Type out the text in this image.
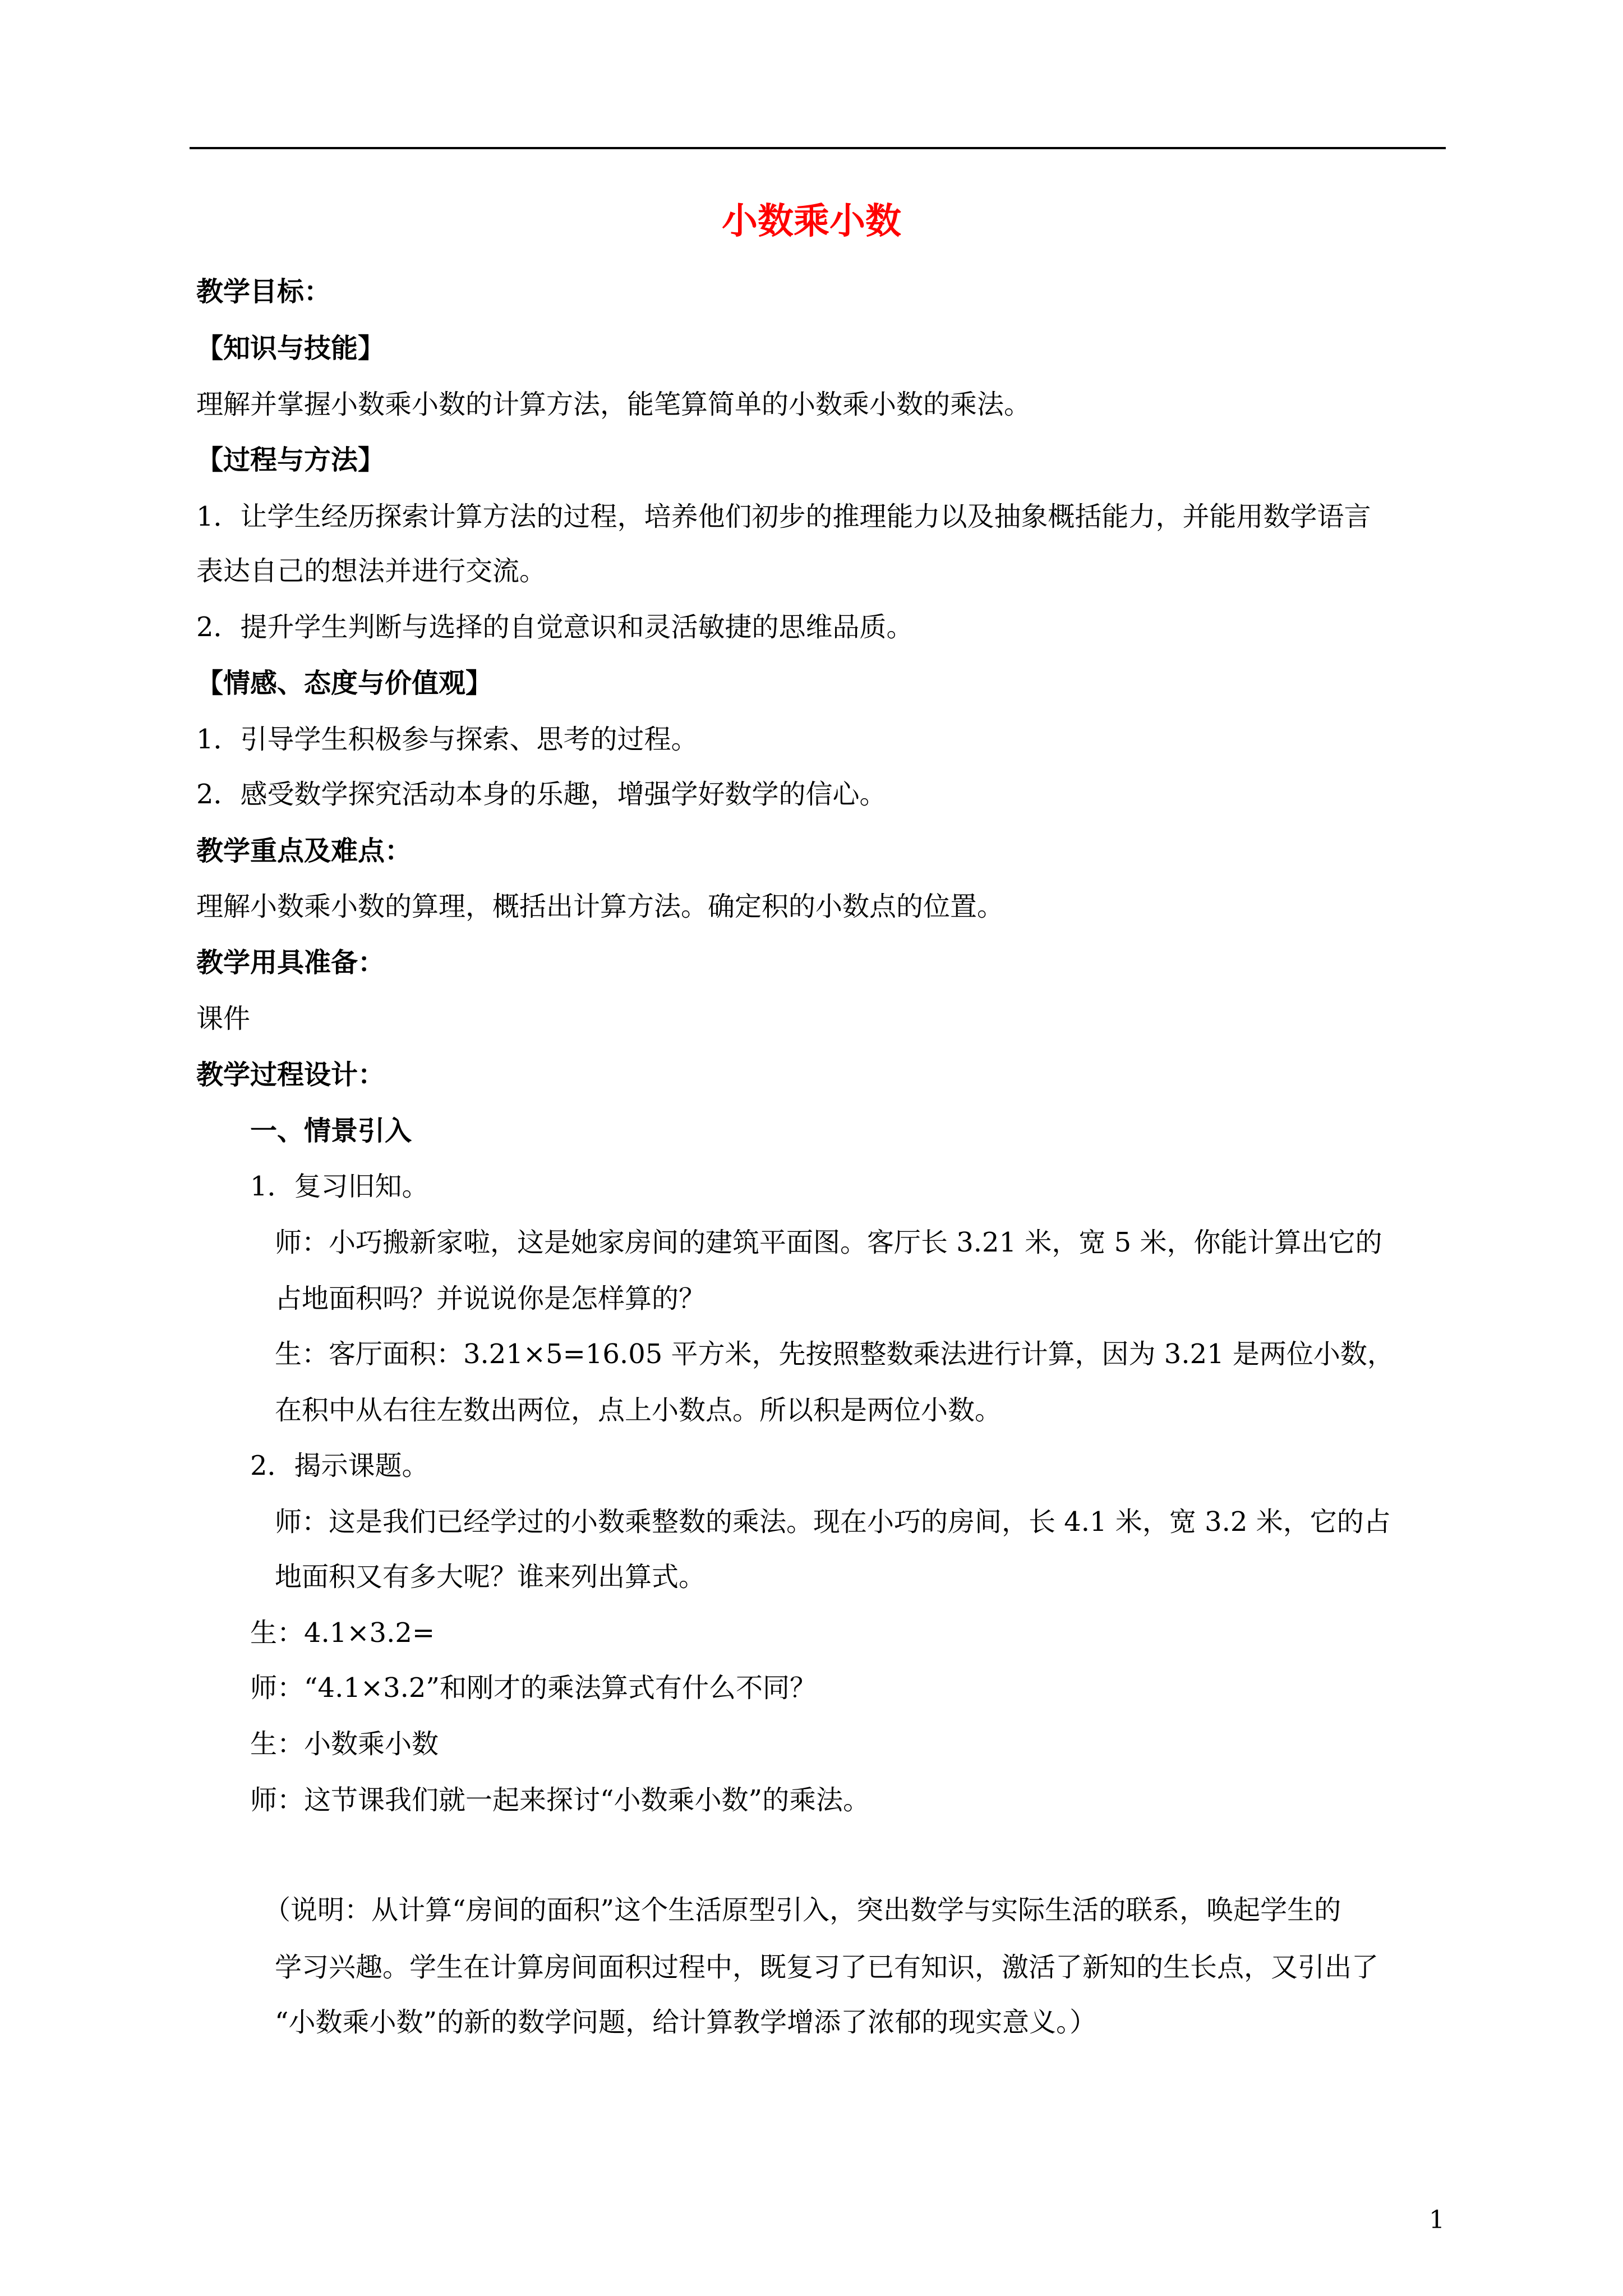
小数乘小数
教学目标：
【知识与技能】
理解并掌握小数乘小数的计算方法，能笔算简单的小数乘小数的乘法。
【过程与方法】
1．让学生经历探索计算方法的过程，培养他们初步的推理能力以及抽象概括能力，并能用数学语言
表达自己的想法并进行交流。
2．提升学生判断与选择的自觉意识和灵活敏捷的思维品质。
【情感、态度与价值观】
1．引导学生积极参与探索、思考的过程。
2．感受数学探究活动本身的乐趣，增强学好数学的信心。
教学重点及难点：
理解小数乘小数的算理，概括出计算方法。确定积的小数点的位置。
教学用具准备：
课件
教学过程设计：
一、情景引入
1．复习旧知。
师：小巧搬新家啦，这是她家房间的建筑平面图。客厅长 3.21 米，宽 5 米，你能计算出它的
占地面积吗？并说说你是怎样算的？
生：客厅面积：3.21×5=16.05 平方米，先按照整数乘法进行计算，因为 3.21 是两位小数，
在积中从右往左数出两位，点上小数点。所以积是两位小数。
2．揭示课题。
师：这是我们已经学过的小数乘整数的乘法。现在小巧的房间，长 4.1 米，宽 3.2 米，它的占
地面积又有多大呢？谁来列出算式。
生：4.1×3.2=
师：“4.1×3.2”和刚才的乘法算式有什么不同？
生：小数乘小数
师：这节课我们就一起来探讨“小数乘小数”的乘法。
（说明：从计算“房间的面积”这个生活原型引入，突出数学与实际生活的联系，唤起学生的
学习兴趣。学生在计算房间面积过程中，既复习了已有知识，激活了新知的生长点，又引出了
“小数乘小数”的新的数学问题，给计算教学增添了浓郁的现实意义。）
1
